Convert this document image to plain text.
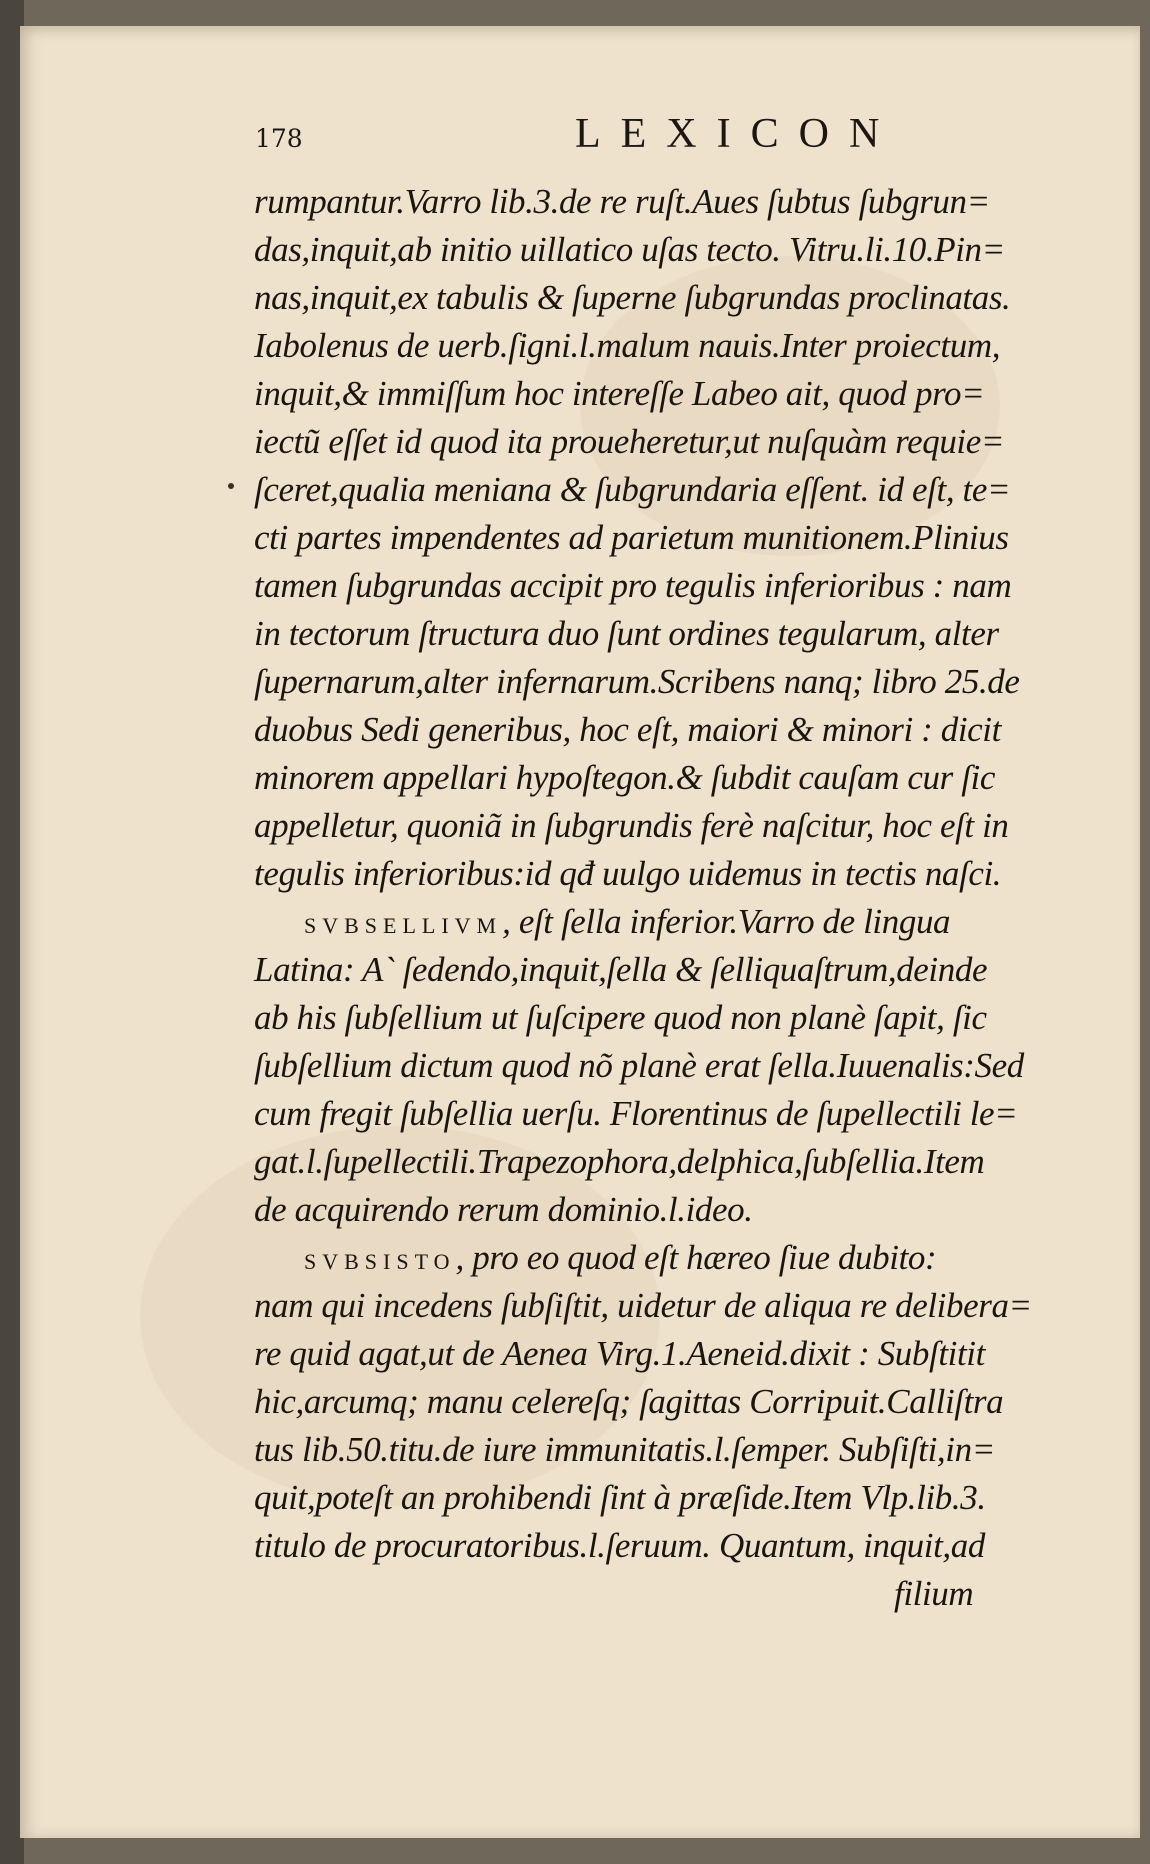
178	LEXICON
rumpantur.Varro lib.3.de re ruſt.Aues ſubtus ſubgrun=
das,inquit,ab initio uillatico uſas tecto. Vitru.li.10.Pin=
nas,inquit,ex tabulis & ſuperne ſubgrundas proclinatas.
Iabolenus de uerb.ſigni.l.malum nauis.Inter proiectum,
inquit,& immiſſum hoc intereſſe Labeo ait, quod pro=
iectũ eſſet id quod ita proueheretur,ut nuſquàm requie=
ſceret,qualia meniana & ſubgrundaria eſſent. id eſt, te=
cti partes impendentes ad parietum munitionem.Plinius
tamen ſubgrundas accipit pro tegulis inferioribus : nam
in tectorum ſtructura duo ſunt ordines tegularum, alter
ſupernarum,alter infernarum.Scribens nanq; libro 25.de
duobus Sedi generibus, hoc eſt, maiori & minori : dicit
minorem appellari hypoſtegon.& ſubdit cauſam cur ſic
appelletur, quoniã in ſubgrundis ferè naſcitur, hoc eſt in
tegulis inferioribus:id qđ uulgo uidemus in tectis naſci.
SVBSELLIVM, eſt ſella inferior.Varro de lingua
Latina: A` ſedendo,inquit,ſella & ſelliquaſtrum,deinde
ab his ſubſellium ut ſuſcipere quod non planè ſapit, ſic
ſubſellium dictum quod nõ planè erat ſella.Iuuenalis:Sed
cum fregit ſubſellia uerſu. Florentinus de ſupellectili le=
gat.l.ſupellectili.Trapezophora,delphica,ſubſellia.Item
de acquirendo rerum dominio.l.ideo.
SVBSISTO, pro eo quod eſt hæreo ſiue dubito:
nam qui incedens ſubſiſtit, uidetur de aliqua re delibera=
re quid agat,ut de Aenea Virg.1.Aeneid.dixit : Subſtitit
hic,arcumq; manu celereſq; ſagittas Corripuit.Calliſtra
tus lib.50.titu.de iure immunitatis.l.ſemper. Subſiſti,in=
quit,poteſt an prohibendi ſint à præſide.Item Vlp.lib.3.
titulo de procuratoribus.l.ſeruum. Quantum, inquit,ad
filium
